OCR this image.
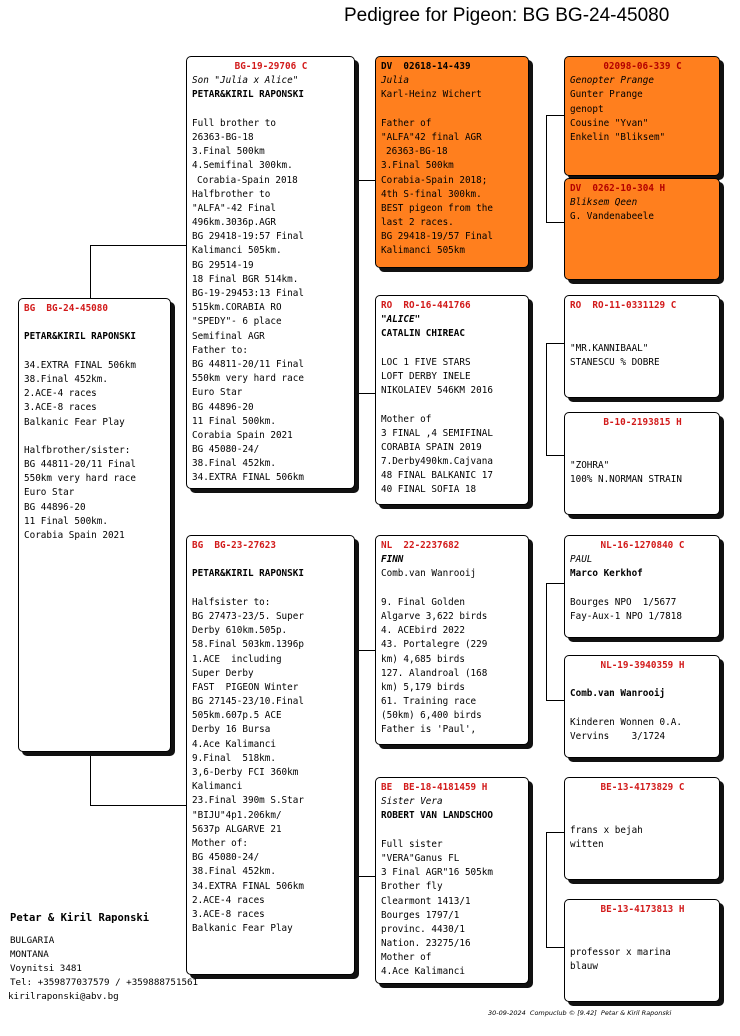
Pedigree for Pigeon: BG BG-24-45080
BG  BG-24-45080
PETAR&KIRIL RAPONSKI
34.EXTRA FINAL 506km
38.Final 452km.
2.ACE-4 races
3.ACE-8 races
Balkanic Fear Play
Halfbrother/sister:
BG 44811-20/11 Final
550km very hard race
Euro Star
BG 44896-20
11 Final 500km.
Corabia Spain 2021
BG-19-29706 C
Son "Julia x Alice"
PETAR&KIRIL RAPONSKI
Full brother to
26363-BG-18
3.Final 500km
4.Semifinal 300km.
Corabia-Spain 2018
Halfbrother to
"ALFA"-42 Final
496km.3036p.AGR
BG 29418-19:57 Final
Kalimanci 505km.
BG 29514-19
18 Final BGR 514km.
BG-19-29453:13 Final
515km.CORABIA RO
"SPEDY"- 6 place
Semifinal AGR
Father to:
BG 44811-20/11 Final
550km very hard race
Euro Star
BG 44896-20
11 Final 500km.
Corabia Spain 2021
BG 45080-24/
38.Final 452km.
34.EXTRA FINAL 506km
BG  BG-23-27623
PETAR&KIRIL RAPONSKI
Halfsister to:
BG 27473-23/5. Super
Derby 610km.505p.
58.Final 503km.1396p
1.ACE  including
Super Derby
FAST  PIGEON Winter
BG 27145-23/10.Final
505km.607p.5 ACE
Derby 16 Bursa
4.Ace Kalimanci
9.Final  518km.
3,6-Derby FCI 360km
Kalimanci
23.Final 390m S.Star
"BIJU"4p1.206km/
5637p ALGARVE 21
Mother of:
BG 45080-24/
38.Final 452km.
34.EXTRA FINAL 506km
2.ACE-4 races
3.ACE-8 races
Balkanic Fear Play
DV  02618-14-439
Julia
Karl-Heinz Wichert
Father of
"ALFA"42 final AGR
26363-BG-18
3.Final 500km
Corabia-Spain 2018;
4th S-final 300km.
BEST pigeon from the
last 2 races.
BG 29418-19/57 Final
Kalimanci 505km
RO  RO-16-441766
"ALICE"
CATALIN CHIREAC
LOC 1 FIVE STARS
LOFT DERBY INELE
NIKOLAIEV 546KM 2016
Mother of
3 FINAL ,4 SEMIFINAL
CORABIA SPAIN 2019
7.Derby490km.Cajvana
48 FINAL BALKANIC 17
40 FINAL SOFIA 18
NL  22-2237682
FINN
Comb.van Wanrooij
9. Final Golden
Algarve 3,622 birds
4. ACEbird 2022
43. Portalegre (229
km) 4,685 birds
127. Alandroal (168
km) 5,179 birds
61. Training race
(50km) 6,400 birds
Father is 'Paul',
BE  BE-18-4181459 H
Sister Vera
ROBERT VAN LANDSCHOO
Full sister
"VERA"Ganus FL
3 Final AGR"16 505km
Brother fly
Clearmont 1413/1
Bourges 1797/1
provinc. 4430/1
Nation. 23275/16
Mother of
4.Ace Kalimanci
02098-06-339 C
Genopter Prange
Gunter Prange
genopt
Cousine "Yvan"
Enkelin "Bliksem"
DV  0262-10-304 H
Bliksem Qeen
G. Vandenabeele
RO  RO-11-0331129 C
"MR.KANNIBAAL"
STANESCU % DOBRE
B-10-2193815 H
"ZOHRA"
100% N.NORMAN STRAIN
NL-16-1270840 C
PAUL
Marco Kerkhof
Bourges NPO  1/5677
Fay-Aux-1 NPO 1/7818
NL-19-3940359 H
Comb.van Wanrooij
Kinderen Wonnen 0.A.
Vervins    3/1724
BE-13-4173829 C
frans x bejah
witten
BE-13-4173813 H
professor x marina
blauw
Petar & Kiril Raponski
BULGARIA
MONTANA
Voynitsi 3481
Tel: +359877037579 / +359888751561
kirilraponski@abv.bg
30-09-2024  Compuclub © [9.42]  Petar & Kiril Raponski
